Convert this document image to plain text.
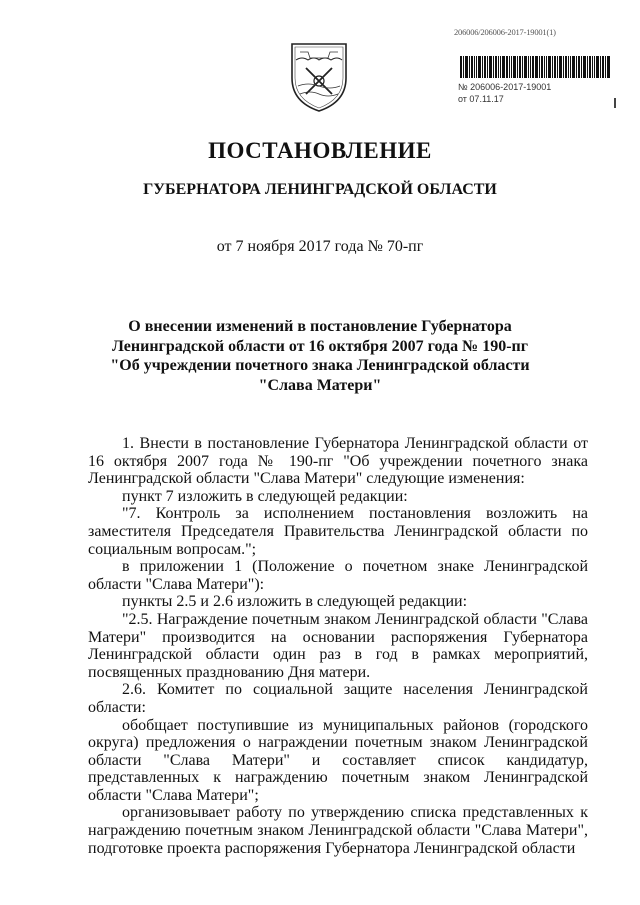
206006/206006-2017-19001(1)
№ 206006-2017-19001
от 07.11.17
ПОСТАНОВЛЕНИЕ
ГУБЕРНАТОРА ЛЕНИНГРАДСКОЙ ОБЛАСТИ
от 7 ноября 2017 года № 70-пг
О внесении изменений в постановление Губернатора
Ленинградской области от 16 октября 2007 года № 190-пг
"Об учреждении почетного знака Ленинградской области
"Слава Матери"

1. Внести в постановление Губернатора Ленинградской области от 16 октября 2007 года № 190-пг "Об учреждении почетного знака Ленинградской области "Слава Матери" следующие изменения:

пункт 7 изложить в следующей редакции:

"7. Контроль за исполнением постановления возложить на заместителя Председателя Правительства Ленинградской области по социальным вопросам.";

в приложении 1 (Положение о почетном знаке Ленинградской области "Слава Матери"):

пункты 2.5 и 2.6 изложить в следующей редакции:

"2.5. Награждение почетным знаком Ленинградской области "Слава Матери" производится на основании распоряжения Губернатора Ленинградской области один раз в год в рамках мероприятий, посвященных празднованию Дня матери.

2.6. Комитет по социальной защите населения Ленинградской области:

обобщает поступившие из муниципальных районов (городского округа) предложения о награждении почетным знаком Ленинградской области "Слава Матери" и составляет список кандидатур, представленных к награждению почетным знаком Ленинградской области "Слава Матери";

организовывает работу по утверждению списка представленных к награждению почетным знаком Ленинградской области "Слава Матери", подготовке проекта распоряжения Губернатора Ленинградской области
